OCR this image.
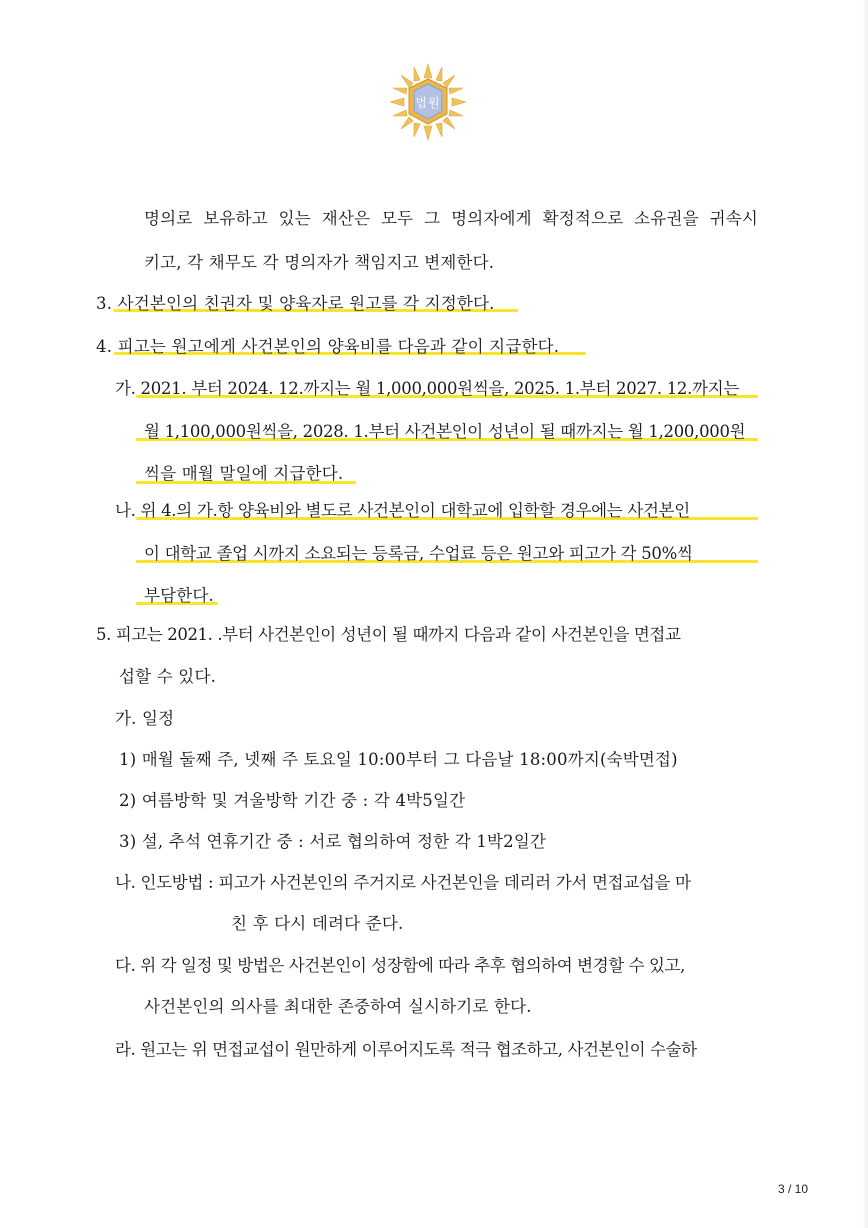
법원
명의로 보유하고 있는 재산은 모두 그 명의자에게 확정적으로 소유권을 귀속시
키고, 각 채무도 각 명의자가 책임지고 변제한다.
3. 사건본인의 친권자 및 양육자로 원고를 각 지정한다.
4. 피고는 원고에게 사건본인의 양육비를 다음과 같이 지급한다.
가. 2021. 부터 2024. 12.까지는 월 1,000,000원씩을, 2025. 1.부터 2027. 12.까지는
월 1,100,000원씩을, 2028. 1.부터 사건본인이 성년이 될 때까지는 월 1,200,000원
씩을 매월 말일에 지급한다.
나. 위 4.의 가.항 양육비와 별도로 사건본인이 대학교에 입학할 경우에는 사건본인
이 대학교 졸업 시까지 소요되는 등록금, 수업료 등은 원고와 피고가 각 50%씩
부담한다.
5. 피고는 2021. .부터 사건본인이 성년이 될 때까지 다음과 같이 사건본인을 면접교
섭할 수 있다.
가. 일정
1) 매월 둘째 주, 넷째 주 토요일 10:00부터 그 다음날 18:00까지(숙박면접)
2) 여름방학 및 겨울방학 기간 중 : 각 4박5일간
3) 설, 추석 연휴기간 중 : 서로 협의하여 정한 각 1박2일간
나. 인도방법 : 피고가 사건본인의 주거지로 사건본인을 데리러 가서 면접교섭을 마
친 후 다시 데려다 준다.
다. 위 각 일정 및 방법은 사건본인이 성장함에 따라 추후 협의하여 변경할 수 있고,
사건본인의 의사를 최대한 존중하여 실시하기로 한다.
라. 원고는 위 면접교섭이 원만하게 이루어지도록 적극 협조하고, 사건본인이 수술하
3 / 10
